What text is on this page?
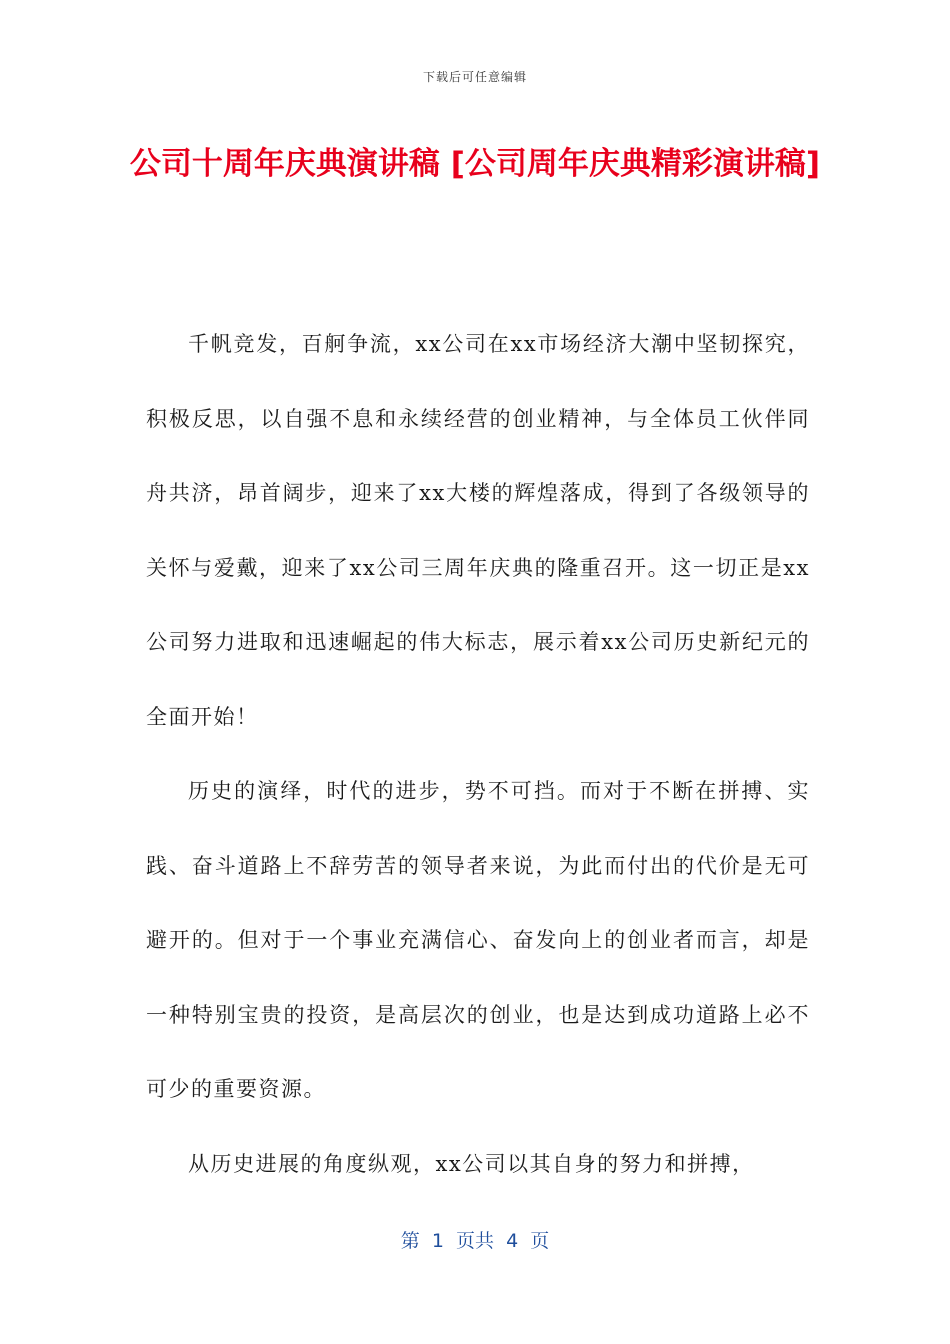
下载后可任意编辑
公司十周年庆典演讲稿 [公司周年庆典精彩演讲稿]

千帆竞发，百舸争流，xx公司在xx市场经济大潮中坚韧探究，积极反思，以自强不息和永续经营的创业精神，与全体员工伙伴同舟共济，昂首阔步，迎来了xx大楼的辉煌落成，得到了各级领导的关怀与爱戴，迎来了xx公司三周年庆典的隆重召开。这一切正是xx公司努力进取和迅速崛起的伟大标志，展示着xx公司历史新纪元的全面开始！

历史的演绎，时代的进步，势不可挡。而对于不断在拼搏、实践、奋斗道路上不辞劳苦的领导者来说，为此而付出的代价是无可避开的。但对于一个事业充满信心、奋发向上的创业者而言，却是一种特别宝贵的投资，是高层次的创业，也是达到成功道路上必不可少的重要资源。

从历史进展的角度纵观，xx公司以其自身的努力和拼搏，

第  1  页共  4  页
